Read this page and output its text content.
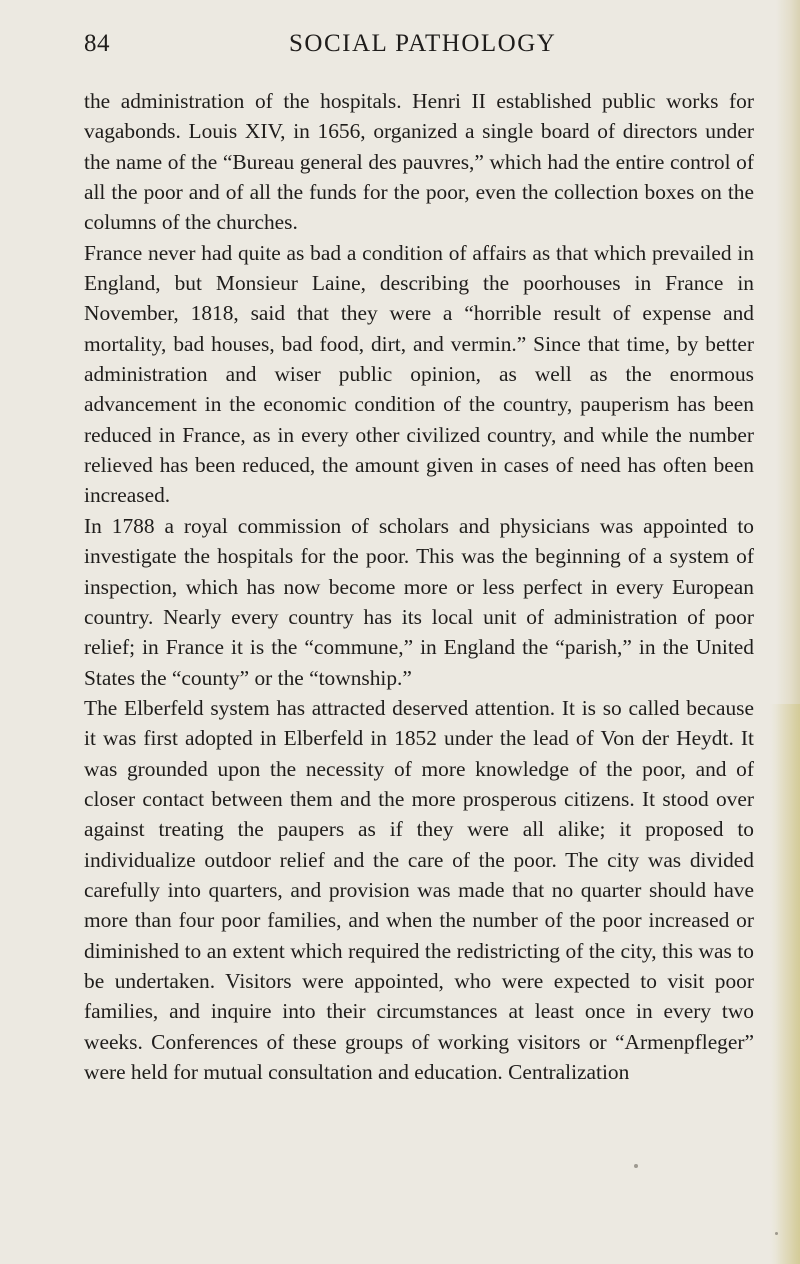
84	SOCIAL PATHOLOGY

the administration of the hospitals. Henri II established public works for vagabonds. Louis XIV, in 1656, organized a single board of directors under the name of the “Bureau general des pauvres,” which had the entire control of all the poor and of all the funds for the poor, even the collection boxes on the columns of the churches.

France never had quite as bad a condition of affairs as that which prevailed in England, but Monsieur Laine, describing the poorhouses in France in November, 1818, said that they were a “horrible result of expense and mortality, bad houses, bad food, dirt, and vermin.” Since that time, by better administration and wiser public opinion, as well as the enormous advancement in the economic condition of the country, pauperism has been reduced in France, as in every other civilized country, and while the number relieved has been reduced, the amount given in cases of need has often been increased.

In 1788 a royal commission of scholars and physicians was appointed to investigate the hospitals for the poor. This was the beginning of a system of inspection, which has now become more or less perfect in every European country. Nearly every country has its local unit of administration of poor relief; in France it is the “commune,” in England the “parish,” in the United States the “county” or the “township.”

The Elberfeld system has attracted deserved attention. It is so called because it was first adopted in Elberfeld in 1852 under the lead of Von der Heydt. It was grounded upon the necessity of more knowledge of the poor, and of closer contact between them and the more prosperous citizens. It stood over against treating the paupers as if they were all alike; it proposed to individualize outdoor relief and the care of the poor. The city was divided carefully into quarters, and provision was made that no quarter should have more than four poor families, and when the number of the poor increased or diminished to an extent which required the redistricting of the city, this was to be undertaken. Visitors were appointed, who were expected to visit poor families, and inquire into their circumstances at least once in every two weeks. Conferences of these groups of working visitors or “Armenpfleger” were held for mutual consultation and education. Centralization
